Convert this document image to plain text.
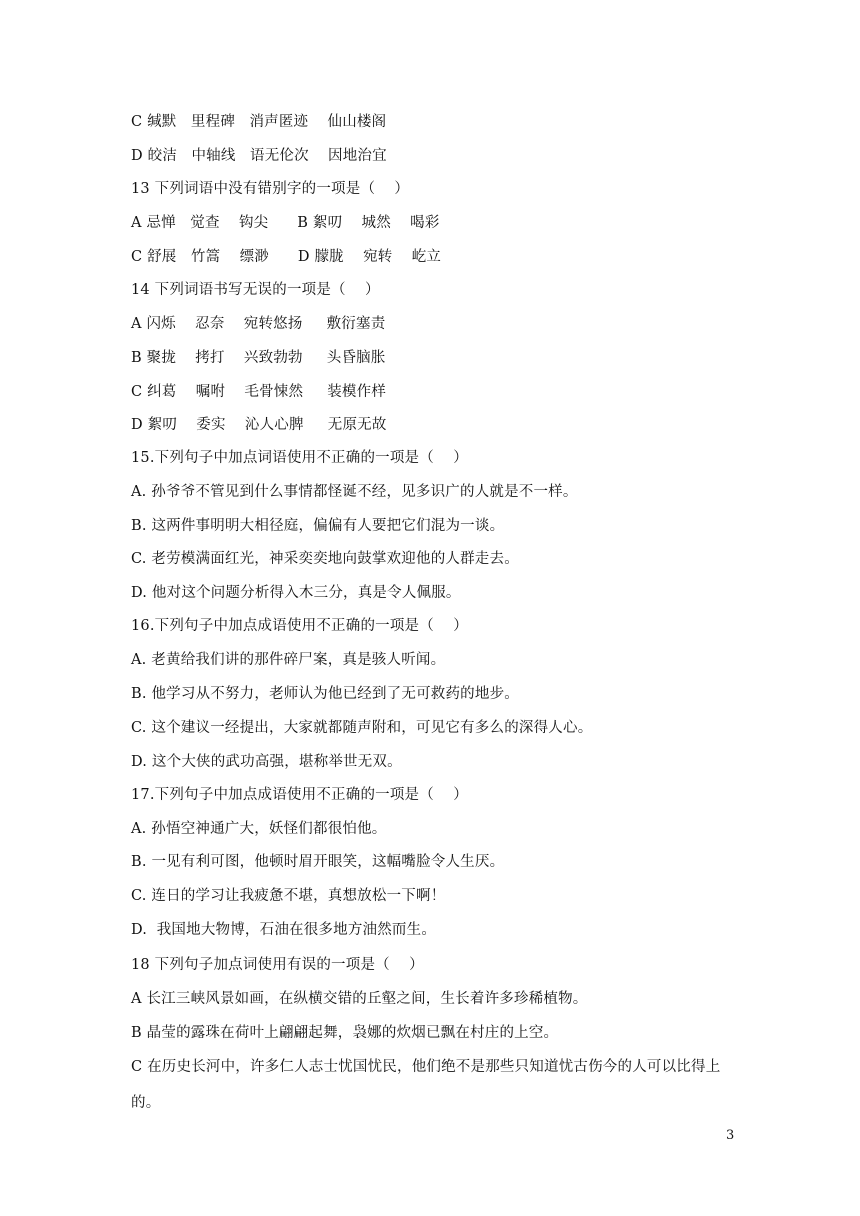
C 缄默   里程碑   消声匿迹    仙山楼阁
D 皎洁   中轴线   语无伦次    因地治宜
13 下列词语中没有错别字的一项是（    ）
A 忌惮   觉查    钩尖      B 絮叨    城然    喝彩
C 舒展   竹篙    缥渺      D 朦胧    宛转    屹立
14 下列词语书写无误的一项是（    ）
A 闪烁    忍奈    宛转悠扬     敷衍塞责
B 聚拢    拷打    兴致勃勃     头昏脑胀
C 纠葛    嘱咐    毛骨悚然     装模作样
D 絮叨    委实    沁人心脾     无原无故
15.下列句子中加点词语使用不正确的一项是（    ）
A. 孙爷爷不管见到什么事情都怪诞不经，见多识广的人就是不一样。
B. 这两件事明明大相径庭，偏偏有人要把它们混为一谈。
C. 老劳模满面红光，神采奕奕地向鼓掌欢迎他的人群走去。
D. 他对这个问题分析得入木三分，真是令人佩服。
16.下列句子中加点成语使用不正确的一项是（    ）
A. 老黄给我们讲的那件碎尸案，真是骇人听闻。
B. 他学习从不努力，老师认为他已经到了无可救药的地步。
C. 这个建议一经提出，大家就都随声附和，可见它有多么的深得人心。
D. 这个大侠的武功高强，堪称举世无双。
17.下列句子中加点成语使用不正确的一项是（    ）
A. 孙悟空神通广大，妖怪们都很怕他。
B. 一见有利可图，他顿时眉开眼笑，这幅嘴脸令人生厌。
C. 连日的学习让我疲惫不堪，真想放松一下啊！
D.  我国地大物博，石油在很多地方油然而生。
18 下列句子加点词使用有误的一项是（    ）
A 长江三峡风景如画，在纵横交错的丘壑之间，生长着许多珍稀植物。
B 晶莹的露珠在荷叶上翩翩起舞，袅娜的炊烟已飘在村庄的上空。
C 在历史长河中，许多仁人志士忧国忧民，他们绝不是那些只知道忧古伤今的人可以比得上
的。
3
